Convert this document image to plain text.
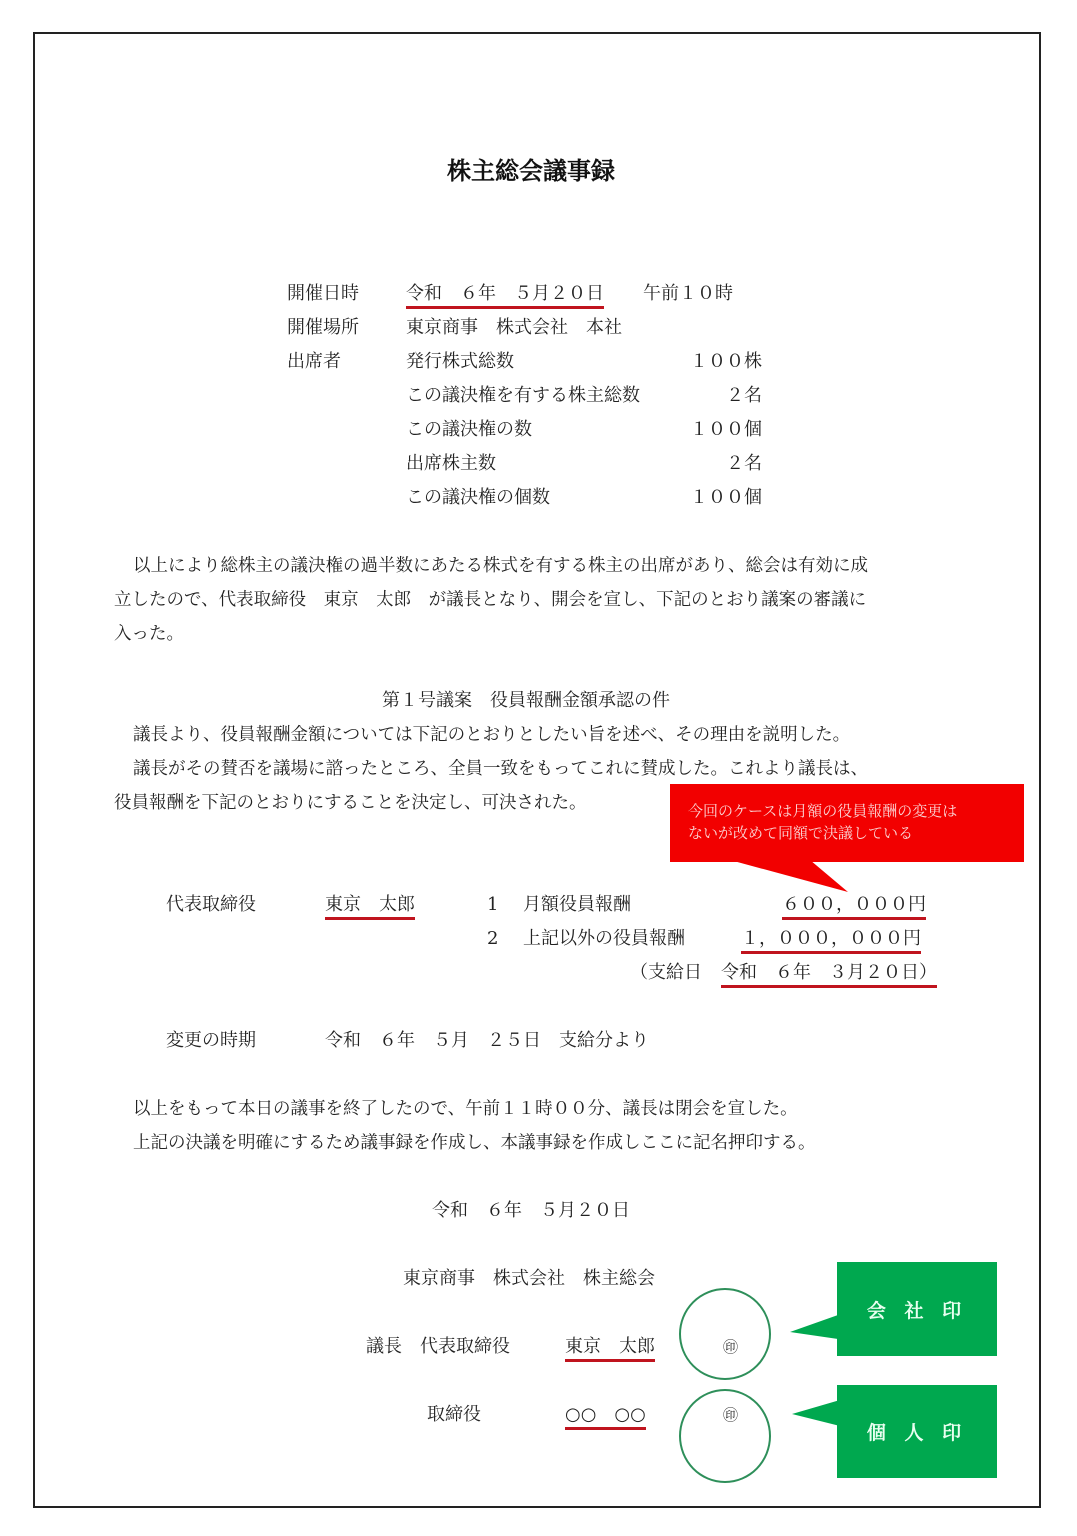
株主総会議事録
開催日時	令和　６年　５月２０日 午前１０時
開催場所	東京商事　株式会社　本社
出席者	発行株式総数	１００株
この議決権を有する株主総数	２名
この議決権の数	１００個
出席株主数	２名
この議決権の個数	１００個
以上により総株主の議決権の過半数にあたる株式を有する株主の出席があり、総会は有効に成
立したので、代表取締役　東京　太郎　が議長となり、開会を宣し、下記のとおり議案の審議に
入った。
第１号議案　役員報酬金額承認の件
議長より、役員報酬金額については下記のとおりとしたい旨を述べ、その理由を説明した。
議長がその賛否を議場に諮ったところ、全員一致をもってこれに賛成した。これより議長は、
役員報酬を下記のとおりにすることを決定し、可決された。	今回のケースは月額の役員報酬の変更は
ないが改めて同額で決議している
代表取締役	東京　太郎	1 月額役員報酬	６００，０００円
2 上記以外の役員報酬	１，０００，０００円
（支給日 令和　６年　３月２０日）
変更の時期	令和　６年　５月　２５日　支給分より
以上をもって本日の議事を終了したので、午前１１時００分、議長は閉会を宣した。
上記の決議を明確にするため議事録を作成し、本議事録を作成しここに記名押印する。
令和　６年　５月２０日
東京商事　株式会社　株主総会
議長　代表取締役	東京　太郎	㊞
取締役	○○　○○	㊞
会 社 印
個 人 印
